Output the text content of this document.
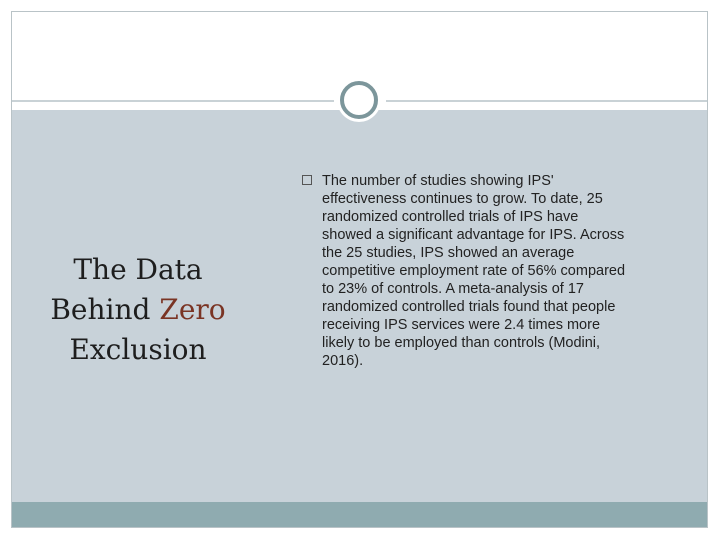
The Data Behind Zero Exclusion

The number of studies showing IPS' effectiveness continues to grow. To date, 25 randomized controlled trials of IPS have showed a significant advantage for IPS. Across the 25 studies, IPS showed an average competitive employment rate of 56% compared to 23% of controls. A meta-analysis of 17 randomized controlled trials found that people receiving IPS services were 2.4 times more likely to be employed than controls (Modini, 2016).
